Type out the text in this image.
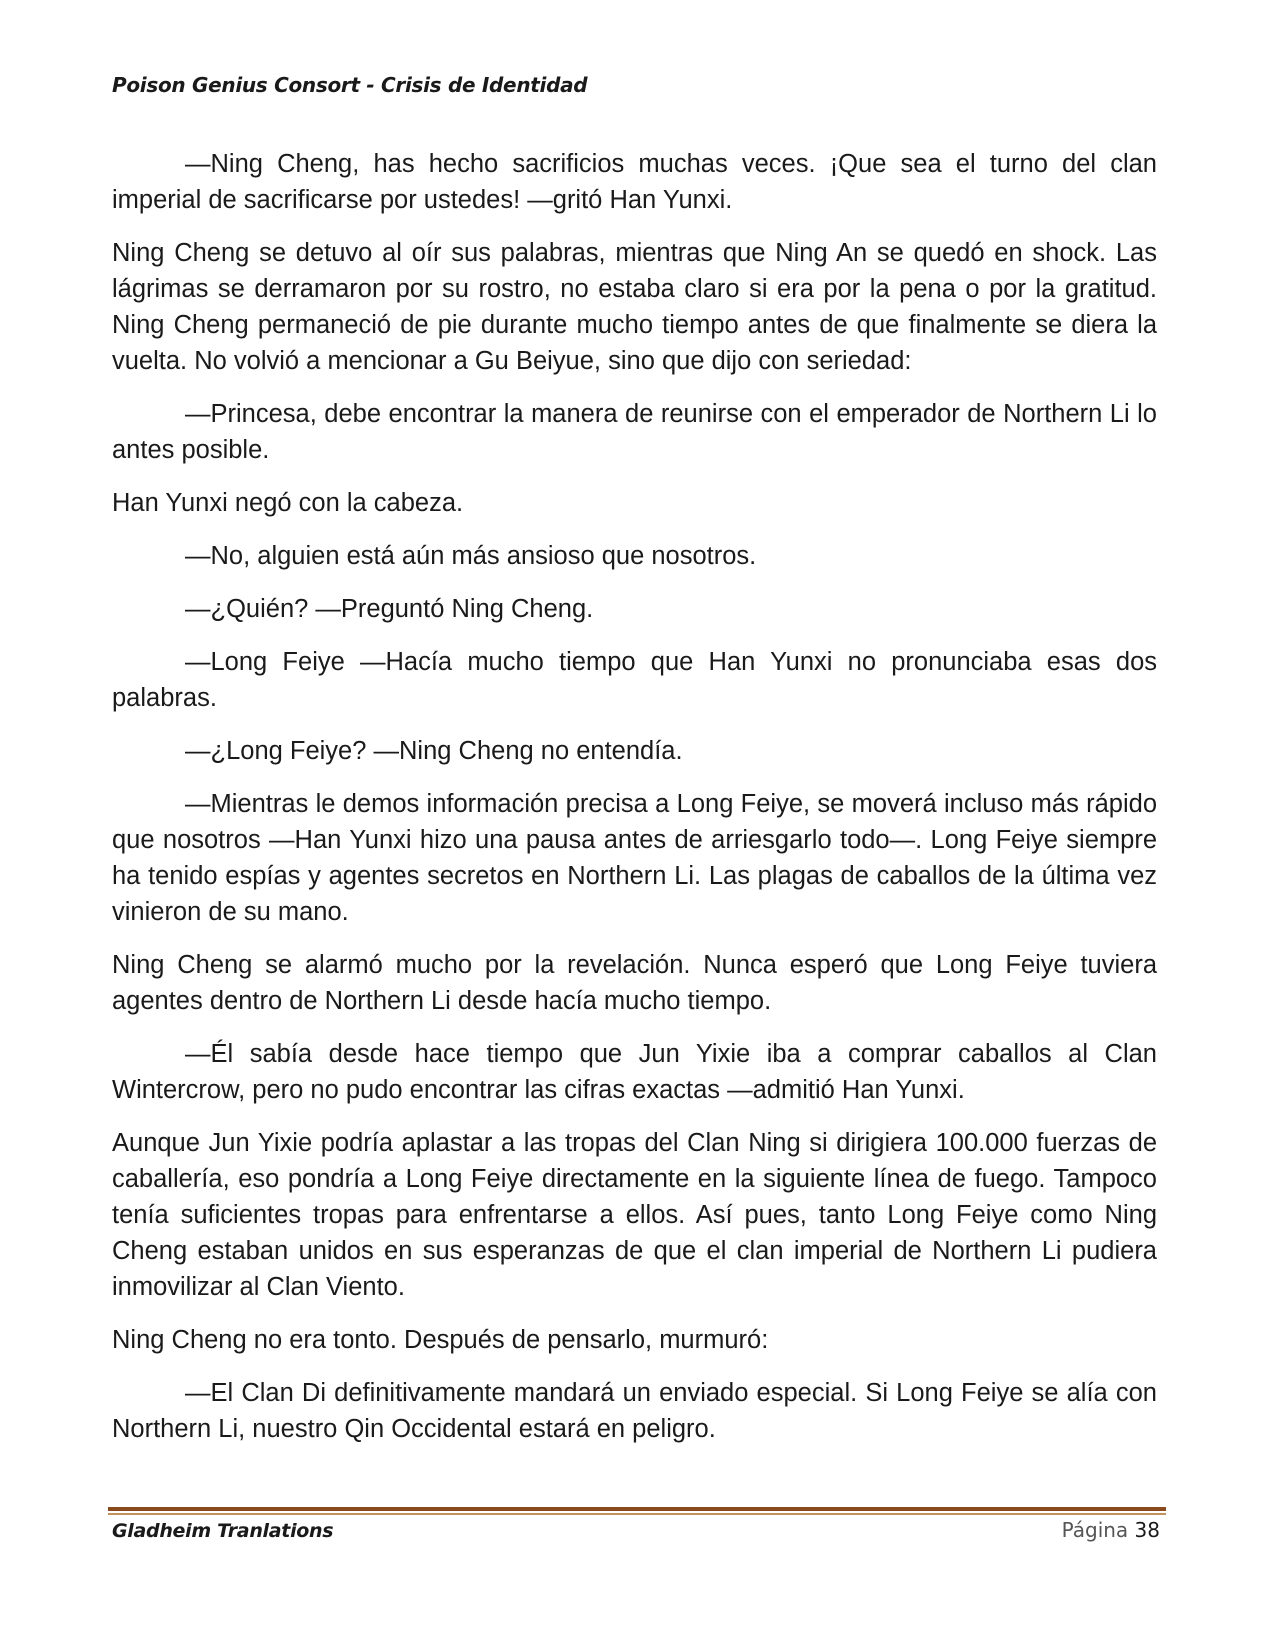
Poison Genius Consort - Crisis de Identidad

—Ning Cheng, has hecho sacrificios muchas veces. ¡Que sea el turno del clan imperial de sacrificarse por ustedes! —gritó Han Yunxi.

Ning Cheng se detuvo al oír sus palabras, mientras que Ning An se quedó en shock. Las lágrimas se derramaron por su rostro, no estaba claro si era por la pena o por la gratitud. Ning Cheng permaneció de pie durante mucho tiempo antes de que finalmente se diera la vuelta. No volvió a mencionar a Gu Beiyue, sino que dijo con seriedad:

—Princesa, debe encontrar la manera de reunirse con el emperador de Northern Li lo antes posible.

Han Yunxi negó con la cabeza.

—No, alguien está aún más ansioso que nosotros.

—¿Quién? —Preguntó Ning Cheng.

—Long Feiye —Hacía mucho tiempo que Han Yunxi no pronunciaba esas dos palabras.

—¿Long Feiye? —Ning Cheng no entendía.

—Mientras le demos información precisa a Long Feiye, se moverá incluso más rápido que nosotros —Han Yunxi hizo una pausa antes de arriesgarlo todo—. Long Feiye siempre ha tenido espías y agentes secretos en Northern Li. Las plagas de caballos de la última vez vinieron de su mano.

Ning Cheng se alarmó mucho por la revelación. Nunca esperó que Long Feiye tuviera agentes dentro de Northern Li desde hacía mucho tiempo.

—Él sabía desde hace tiempo que Jun Yixie iba a comprar caballos al Clan Wintercrow, pero no pudo encontrar las cifras exactas —admitió Han Yunxi.

Aunque Jun Yixie podría aplastar a las tropas del Clan Ning si dirigiera 100.000 fuerzas de caballería, eso pondría a Long Feiye directamente en la siguiente línea de fuego. Tampoco tenía suficientes tropas para enfrentarse a ellos. Así pues, tanto Long Feiye como Ning Cheng estaban unidos en sus esperanzas de que el clan imperial de Northern Li pudiera inmovilizar al Clan Viento.

Ning Cheng no era tonto. Después de pensarlo, murmuró:

—El Clan Di definitivamente mandará un enviado especial. Si Long Feiye se alía con Northern Li, nuestro Qin Occidental estará en peligro.

Gladheim Tranlations	Página 38
